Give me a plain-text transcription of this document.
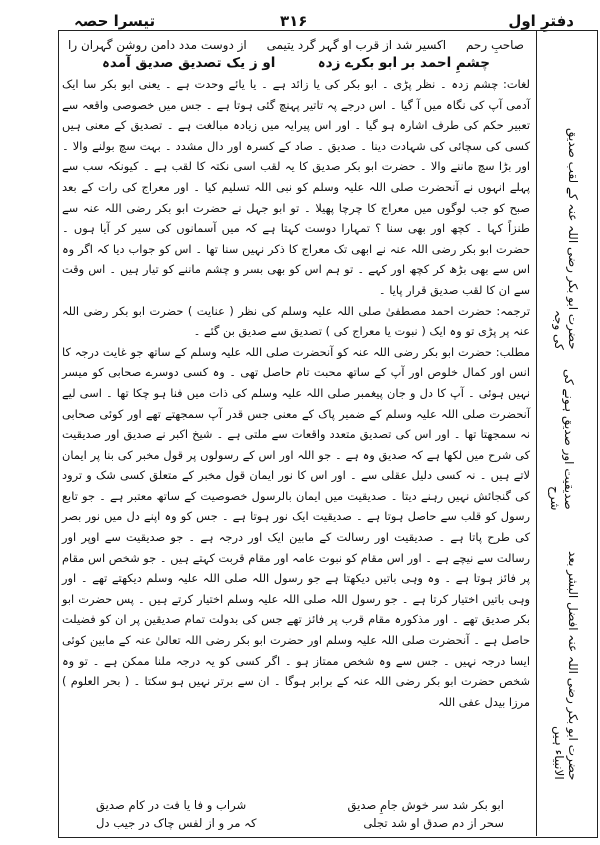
دفترِ اول
۳۱۶
تیسرا حصہ
حضرت ابو بکر رضی اللہ عنہ کے لقب صدیق کی وجہ
صدیقیت اور صدیق ہونے کی شرح
حضرت ابو بکر رضی اللہ عنہ افضل البشر بعد الانبیاء ہیں
صاحبِ رحم
اکسیر شد از قرب او گہر گرد یتیمی
از دوست مدد دامن روشن گہران را
چشمِ احمد بر ابو بکرے زدہ
او ز یک تصدیق صدیق آمدہ

لغات: چشم زدہ ۔ نظر پڑی ۔ ابو بکر کی یا زائد ہے ۔ یا یائے وحدت ہے ۔ یعنی ابو بکر سا ایک آدمی آپ کی نگاہ میں آ گیا ۔ اس درجے پہ تاتیر پہنچ گئی ہوتا ہے ۔ جس میں خصوصی واقعہ سے تعبیر حکم کی طرف اشارہ ہو گیا ۔ اور اس پیرایہ میں زیادہ مبالغت ہے ۔ تصدیق کے معنی ہیں کسی کی سچائی کی شہادت دینا ۔ صدیق ۔ صاد کے کسرہ اور دال مشدد ۔ بہت سچ بولنے والا ۔ اور بڑا سچ ماننے والا ۔ حضرت ابو بکر صدیق کا یہ لقب اسی نکتہ کا لقب ہے ۔ کیونکہ سب سے پہلے انہوں نے آنحضرت صلی اللہ علیہ وسلم کو نبی اللہ تسلیم کیا ۔ اور معراج کی رات کے بعد صبح کو جب لوگوں میں معراج کا چرچا پھیلا ۔ تو ابو جہل نے حضرت ابو بکر رضی اللہ عنہ سے طنزاً کہا ۔ کچھ اور بھی سنا ؟ تمہارا دوست کہتا ہے کہ میں آسمانوں کی سیر کر آیا ہوں ۔ حضرت ابو بکر رضی اللہ عنہ نے ابھی تک معراج کا ذکر نہیں سنا تھا ۔ اس کو جواب دیا کہ اگر وہ اس سے بھی بڑھ کر کچھ اور کہے ۔ تو ہم اس کو بھی بسر و چشم ماننے کو تیار ہیں ۔ اس وقت سے ان کا لقب صدیق قرار پایا ۔

ترجمہ: حضرت احمد مصطفیٰ صلی اللہ علیہ وسلم کی نظر ( عنایت ) حضرت ابو بکر رضی اللہ عنہ پر پڑی تو وہ ایک ( نبوت یا معراج کی ) تصدیق سے صدیق بن گئے ۔

مطلب: حضرت ابو بکر رضی اللہ عنہ کو آنحضرت صلی اللہ علیہ وسلم کے ساتھ جو غایت درجہ کا انس اور کمال خلوص اور آپ کے ساتھ محبت تام حاصل تھی ۔ وہ کسی دوسرے صحابی کو میسر نہیں ہوئی ۔ آپ کا دل و جان پیغمبر صلی اللہ علیہ وسلم کی ذات میں فنا ہو چکا تھا ۔ اسی لیے آنحضرت صلی اللہ علیہ وسلم کے ضمیر پاک کے معنی جس قدر آپ سمجھتے تھے اور کوئی صحابی نہ سمجھتا تھا ۔ اور اس کی تصدیق متعدد واقعات سے ملتی ہے ۔ شیخ اکبر نے صدیق اور صدیقیت کی شرح میں لکھا ہے کہ صدیق وہ ہے ۔ جو اللہ اور اس کے رسولوں پر قول مخبر کی بنا پر ایمان لاتے ہیں ۔ نہ کسی دلیل عقلی سے ۔ اور اس کا نور ایمان قول مخبر کے متعلق کسی شک و ترود کی گنجائش نہیں رہنے دیتا ۔ صدیقیت میں ایمان بالرسول خصوصیت کے ساتھ معتبر ہے ۔ جو تابع رسول کو قلب سے حاصل ہوتا ہے ۔ صدیقیت ایک نور ہوتا ہے ۔ جس کو وہ اپنے دل میں نور بصر کی طرح پاتا ہے ۔ صدیقیت اور رسالت کے مابین ایک اور درجہ ہے ۔ جو صدیقیت سے اوپر اور رسالت سے نیچے ہے ۔ اور اس مقام کو نبوت عامہ اور مقام قربت کہتے ہیں ۔ جو شخص اس مقام پر فائز ہوتا ہے ۔ وہ وہی باتیں دیکھتا ہے جو رسول اللہ صلی اللہ علیہ وسلم دیکھتے تھے ۔ اور وہی باتیں اختیار کرتا ہے ۔ جو رسول اللہ صلی اللہ علیہ وسلم اختیار کرتے ہیں ۔ پس حضرت ابو بکر صدیق تھے ۔ اور مذکورہ مقام قرب پر فائز تھے جس کی بدولت تمام صدیقین پر ان کو فضیلت حاصل ہے ۔ آنحضرت صلی اللہ علیہ وسلم اور حضرت ابو بکر رضی اللہ تعالیٰ عنہ کے مابین کوئی ایسا درجہ نہیں ۔ جس سے وہ شخص ممتاز ہو ۔ اگر کسی کو یہ درجہ ملنا ممکن ہے ۔ تو وہ شخص حضرت ابو بکر رضی اللہ عنہ کے برابر ہوگا ۔ ان سے برتر نہیں ہو سکتا ۔ ( بحر العلوم ) مرزا بیدل عفی اللہ

ابو بکر شد سر خوش جامِ صدیق
شراب و فا یا فت در کام صدیق
سحر از دم صدق او شد تجلی
کہ مر و از لفس چاک در جیب دل
